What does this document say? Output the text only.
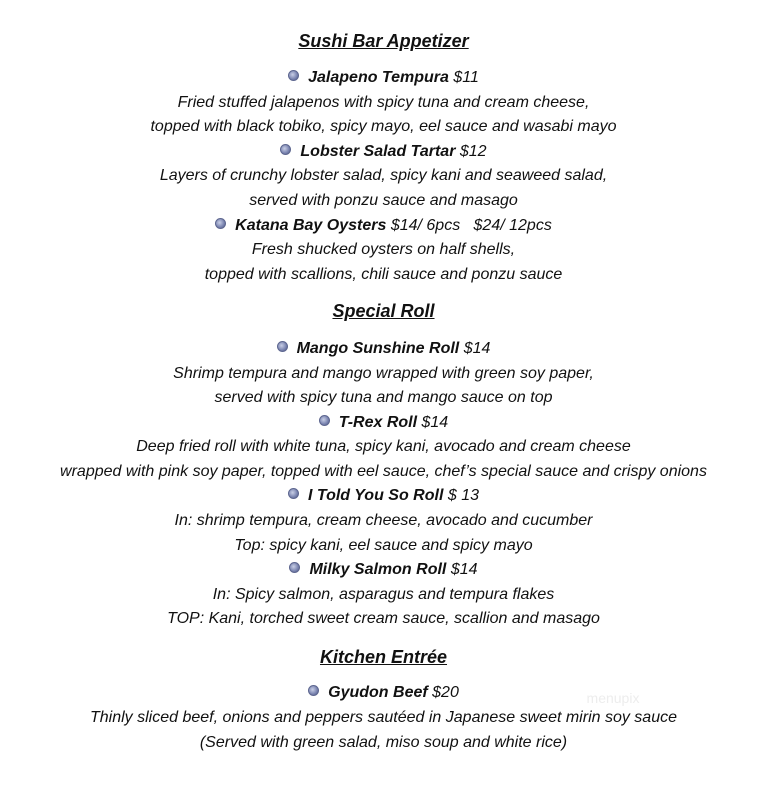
Sushi Bar Appetizer
Jalapeno Tempura $11
Fried stuffed jalapenos with spicy tuna and cream cheese,
topped with black tobiko, spicy mayo, eel sauce and wasabi mayo
Lobster Salad Tartar $12
Layers of crunchy lobster salad, spicy kani and seaweed salad,
served with ponzu sauce and masago
Katana Bay Oysters $14/ 6pcs   $24/ 12pcs
Fresh shucked oysters on half shells,
topped with scallions, chili sauce and ponzu sauce
Special Roll
Mango Sunshine Roll $14
Shrimp tempura and mango wrapped with green soy paper,
served with spicy tuna and mango sauce on top
T-Rex Roll $14
Deep fried roll with white tuna, spicy kani, avocado and cream cheese
wrapped with pink soy paper, topped with eel sauce, chef’s special sauce and crispy onions
I Told You So Roll $ 13
In: shrimp tempura, cream cheese, avocado and cucumber
Top: spicy kani, eel sauce and spicy mayo
Milky Salmon Roll $14
In: Spicy salmon, asparagus and tempura flakes
TOP: Kani, torched sweet cream sauce, scallion and masago
Kitchen Entrée
Gyudon Beef $20
Thinly sliced beef, onions and peppers sautéed in Japanese sweet mirin soy sauce
(Served with green salad, miso soup and white rice)
menupix
